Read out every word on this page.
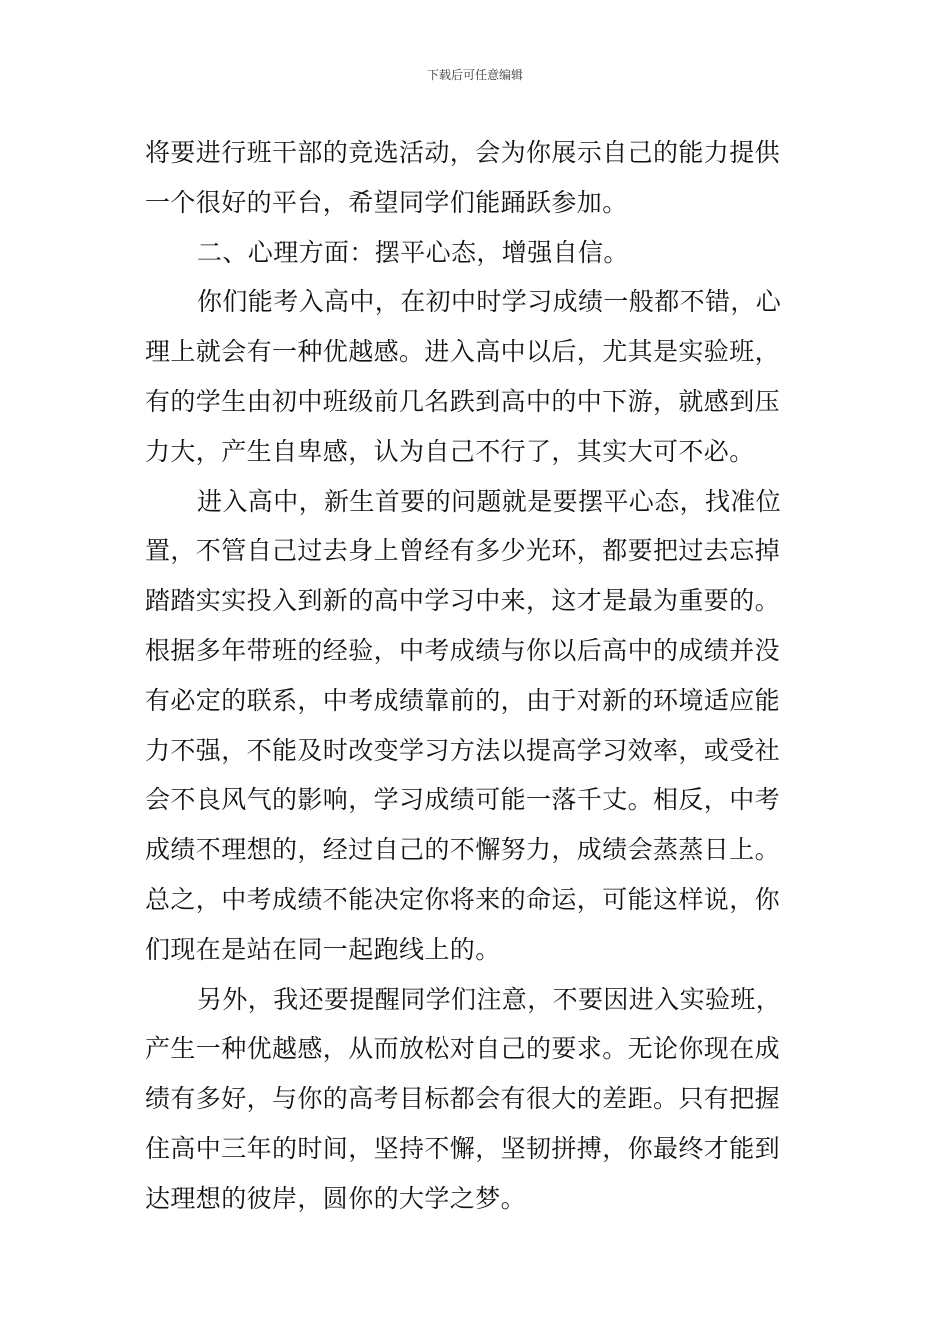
下载后可任意编辑
将要进行班干部的竞选活动，会为你展示自己的能力提供
一个很好的平台，希望同学们能踊跃参加。
二、心理方面：摆平心态，增强自信。
你们能考入高中，在初中时学习成绩一般都不错，心
理上就会有一种优越感。进入高中以后，尤其是实验班，
有的学生由初中班级前几名跌到高中的中下游，就感到压
力大，产生自卑感，认为自己不行了，其实大可不必。
进入高中，新生首要的问题就是要摆平心态，找准位
置，不管自己过去身上曾经有多少光环，都要把过去忘掉
踏踏实实投入到新的高中学习中来，这才是最为重要的。
根据多年带班的经验，中考成绩与你以后高中的成绩并没
有必定的联系，中考成绩靠前的，由于对新的环境适应能
力不强，不能及时改变学习方法以提高学习效率，或受社
会不良风气的影响，学习成绩可能一落千丈。相反，中考
成绩不理想的，经过自己的不懈努力，成绩会蒸蒸日上。
总之，中考成绩不能决定你将来的命运，可能这样说，你
们现在是站在同一起跑线上的。
另外，我还要提醒同学们注意，不要因进入实验班，
产生一种优越感，从而放松对自己的要求。无论你现在成
绩有多好，与你的高考目标都会有很大的差距。只有把握
住高中三年的时间，坚持不懈，坚韧拼搏，你最终才能到
达理想的彼岸，圆你的大学之梦。
